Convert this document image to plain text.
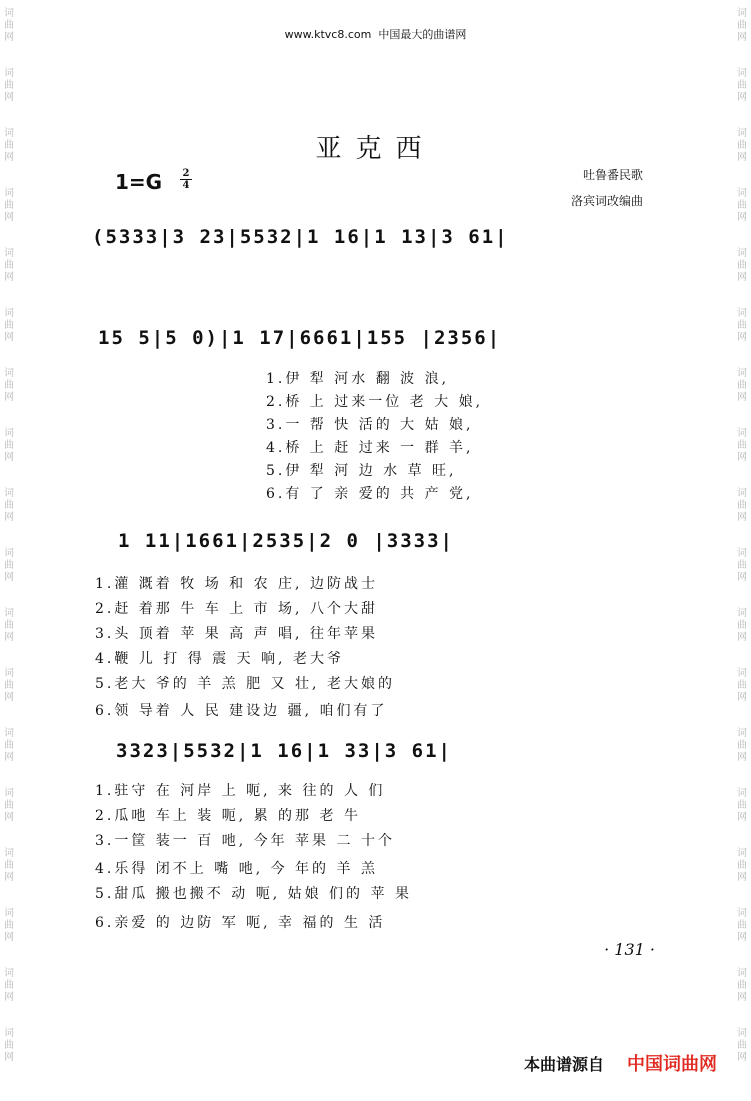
词
曲
网
词
曲
网
词
曲
网
词
曲
网
词
曲
网
词
曲
网
词
曲
网
词
曲
网
词
曲
网
词
曲
网
词
曲
网
词
曲
网
词
曲
网
词
曲
网
词
曲
网
词
曲
网
词
曲
网
词
曲
网
词
曲
网
词
曲
网
词
曲
网
词
曲
网
词
曲
网
词
曲
网
词
曲
网
词
曲
网
词
曲
网
词
曲
网
词
曲
网
词
曲
网
词
曲
网
词
曲
网
词
曲
网
词
曲
网
词
曲
网
词
曲
网
www.ktvc8.com 中国最大的曲谱网
亚克西
1=G 2
4
吐鲁番民歌
洛宾词改编曲
(5333|3 23|5532|1 16|1 13|3 61|
15 5|5 0)|1 17|6661|155 |2356|
1 11|1661|2535|2 0 |3333|
3323|5532|1 16|1 33|3 61|
1.伊 犁 河水 翻 波 浪,
2.桥 上 过来一位 老 大 娘,
3.一 帮 快 活的 大 姑 娘,
4.桥 上 赶 过来 一 群 羊,
5.伊 犁 河 边 水 草 旺,
6.有 了 亲 爱的 共 产 党,
1.灌 溉着 牧 场 和 农 庄, 边防战士
2.赶 着那 牛 车 上 市 场, 八个大甜
3.头 顶着 苹 果 高 声 唱, 往年苹果
4.鞭 儿 打 得 震 天 响, 老大爷
5.老大 爷的 羊 羔 肥 又 壮, 老大娘的
6.领 导着 人 民 建设边 疆, 咱们有了
1.驻守 在 河岸 上 呃, 来 往的 人 们
2.瓜吔 车上 装 呃, 累 的那 老 牛
3.一筐 装一 百 吔, 今年 苹果 二 十个
4.乐得 闭不上 嘴 吔, 今 年的 羊 羔
5.甜瓜 搬也搬不 动 呃, 姑娘 们的 苹 果
6.亲爱 的 边防 军 呃, 幸 福的 生 活
· 131 ·
本曲谱源自 中国词曲网
